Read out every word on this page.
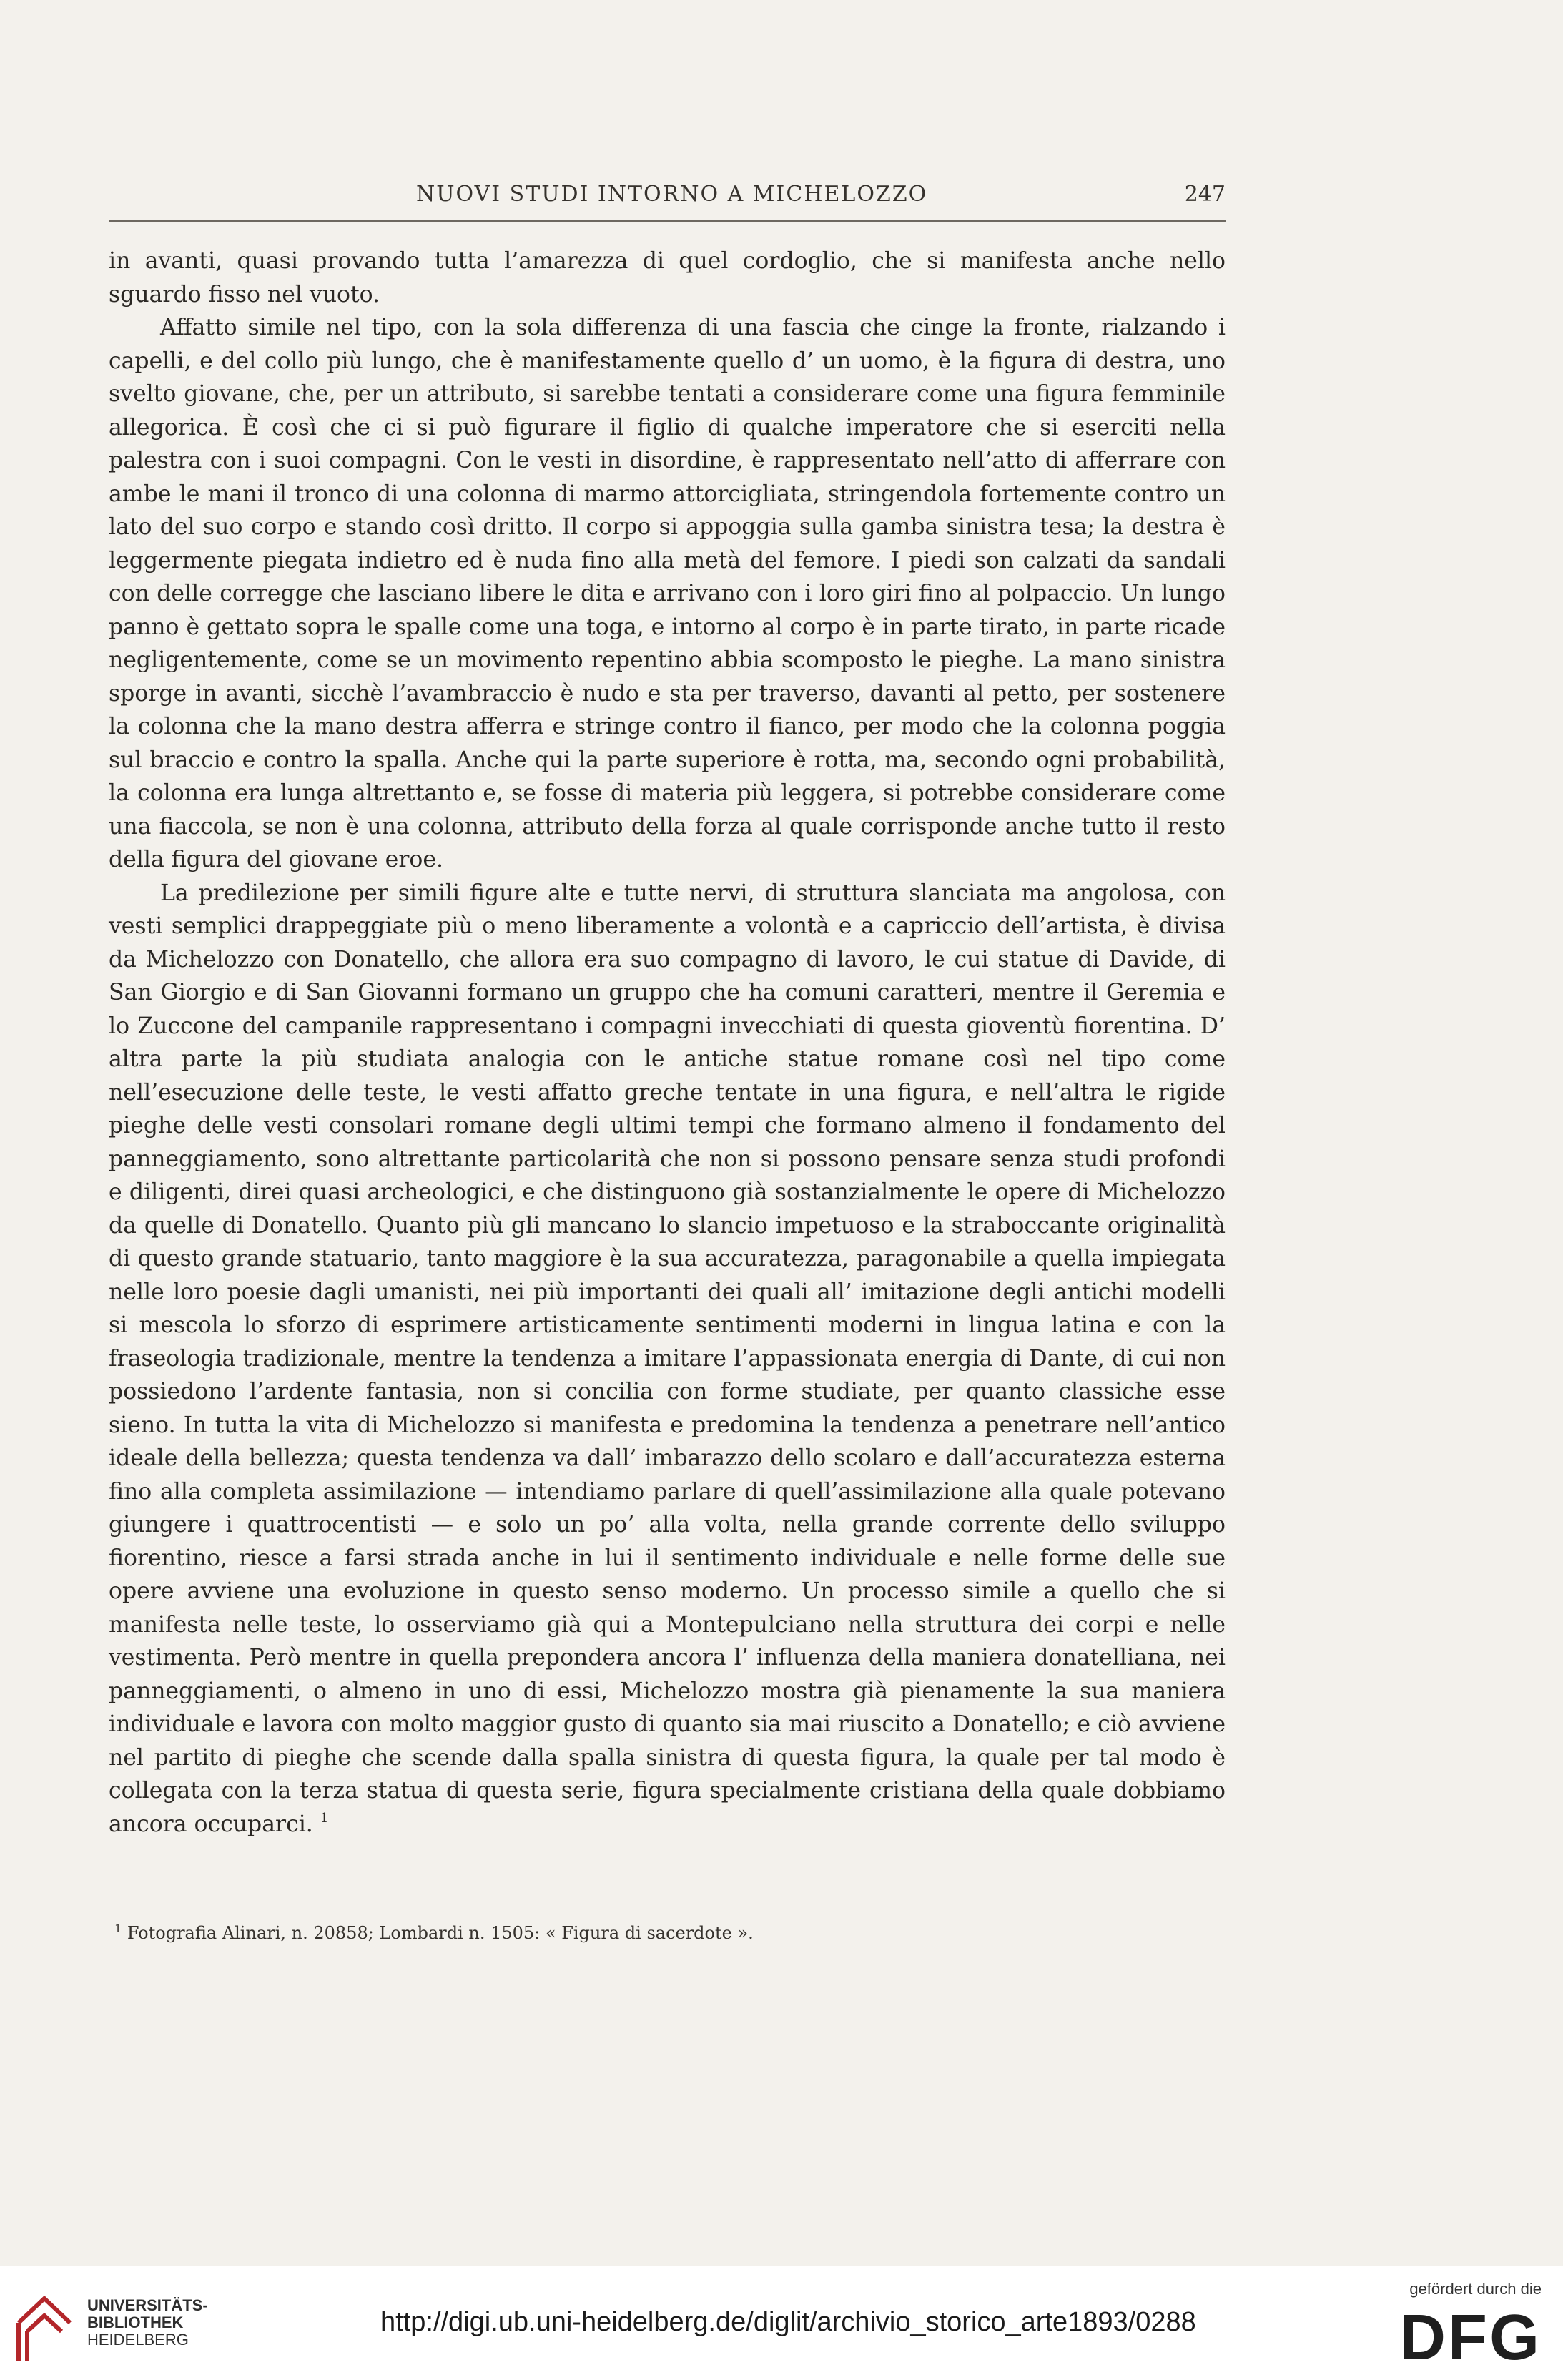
NUOVI STUDI INTORNO A MICHELOZZO	247

in avanti, quasi provando tutta l’amarezza di quel cordoglio, che si manifesta anche nello sguardo fisso nel vuoto.

Affatto simile nel tipo, con la sola differenza di una fascia che cinge la fronte, rialzando i capelli, e del collo più lungo, che è manifestamente quello d’ un uomo, è la figura di destra, uno svelto giovane, che, per un attributo, si sarebbe tentati a considerare come una figura femminile allegorica. È così che ci si può figurare il figlio di qualche imperatore che si eserciti nella palestra con i suoi compagni. Con le vesti in disordine, è rappresentato nell’atto di afferrare con ambe le mani il tronco di una colonna di marmo attorcigliata, stringendola fortemente contro un lato del suo corpo e stando così dritto. Il corpo si appoggia sulla gamba sinistra tesa; la destra è leggermente piegata indietro ed è nuda fino alla metà del femore. I piedi son calzati da sandali con delle corregge che lasciano libere le dita e arrivano con i loro giri fino al polpaccio. Un lungo panno è gettato sopra le spalle come una toga, e intorno al corpo è in parte tirato, in parte ricade negligentemente, come se un movimento repentino abbia scomposto le pieghe. La mano sinistra sporge in avanti, sicchè l’avambraccio è nudo e sta per traverso, davanti al petto, per sostenere la colonna che la mano destra afferra e stringe contro il fianco, per modo che la colonna poggia sul braccio e contro la spalla. Anche qui la parte superiore è rotta, ma, secondo ogni probabilità, la colonna era lunga altrettanto e, se fosse di materia più leggera, si potrebbe considerare come una fiaccola, se non è una colonna, attributo della forza al quale corrisponde anche tutto il resto della figura del giovane eroe.

La predilezione per simili figure alte e tutte nervi, di struttura slanciata ma angolosa, con vesti semplici drappeggiate più o meno liberamente a volontà e a capriccio dell’artista, è divisa da Michelozzo con Donatello, che allora era suo compagno di lavoro, le cui statue di Davide, di San Giorgio e di San Giovanni formano un gruppo che ha comuni caratteri, mentre il Geremia e lo Zuccone del campanile rappresentano i compagni invecchiati di questa gioventù fiorentina. D’ altra parte la più studiata analogia con le antiche statue romane così nel tipo come nell’esecuzione delle teste, le vesti affatto greche tentate in una figura, e nell’altra le rigide pieghe delle vesti consolari romane degli ultimi tempi che formano almeno il fondamento del panneggiamento, sono altrettante particolarità che non si possono pensare senza studi profondi e diligenti, direi quasi archeologici, e che distinguono già sostanzialmente le opere di Michelozzo da quelle di Donatello. Quanto più gli mancano lo slancio impetuoso e la straboccante originalità di questo grande statuario, tanto maggiore è la sua accuratezza, paragonabile a quella impiegata nelle loro poesie dagli umanisti, nei più importanti dei quali all’ imitazione degli antichi modelli si mescola lo sforzo di esprimere artisticamente sentimenti moderni in lingua latina e con la fraseologia tradizionale, mentre la tendenza a imitare l’appassionata energia di Dante, di cui non possiedono l’ardente fantasia, non si concilia con forme studiate, per quanto classiche esse sieno. In tutta la vita di Michelozzo si manifesta e predomina la tendenza a penetrare nell’antico ideale della bellezza; questa tendenza va dall’ imbarazzo dello scolaro e dall’accuratezza esterna fino alla completa assimilazione — intendiamo parlare di quell’assimilazione alla quale potevano giungere i quattrocentisti — e solo un po’ alla volta, nella grande corrente dello sviluppo fiorentino, riesce a farsi strada anche in lui il sentimento individuale e nelle forme delle sue opere avviene una evoluzione in questo senso moderno. Un processo simile a quello che si manifesta nelle teste, lo osserviamo già qui a Montepulciano nella struttura dei corpi e nelle vestimenta. Però mentre in quella prepondera ancora l’ influenza della maniera donatelliana, nei panneggiamenti, o almeno in uno di essi, Michelozzo mostra già pienamente la sua maniera individuale e lavora con molto maggior gusto di quanto sia mai riuscito a Donatello; e ciò avviene nel partito di pieghe che scende dalla spalla sinistra di questa figura, la quale per tal modo è collegata con la terza statua di questa serie, figura specialmente cristiana della quale dobbiamo ancora occuparci. $^1$

$^1$ Fotografia Alinari, n. 20858; Lombardi n. 1505: « Figura di sacerdote ».
UNIVERSITÄTS-
BIBLIOTHEK
HEIDELBERG
http://digi.ub.uni-heidelberg.de/diglit/archivio_storico_arte1893/0288
gefördert durch die
DFG
